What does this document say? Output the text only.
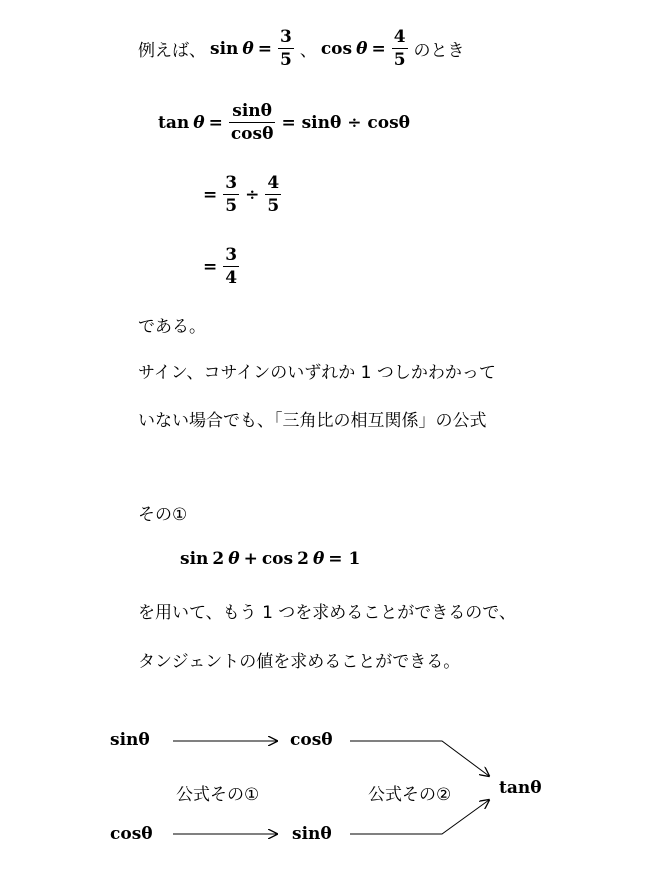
例えば、 $\sin \theta = \frac{3}{5}$ 、 $\cos \theta = \frac{4}{5}$ のとき
$\tan \theta = \frac{\sin\theta}{\cos\theta} = \sin\theta \div \cos\theta$
= $\frac{3}{5} \div \frac{4}{5}$
= $\frac{3}{4}$
である。
サイン、コサインのいずれか 1 つしかわかって
いない場合でも、「三角比の相互関係」の公式
その①
sin 2 θ + cos 2 θ = 1
を用いて、もう 1 つを求めることができるので、
タンジェントの値を求めることができる。
sinθ	cosθ
cosθ	sinθ
tanθ
公式その①	公式その②
